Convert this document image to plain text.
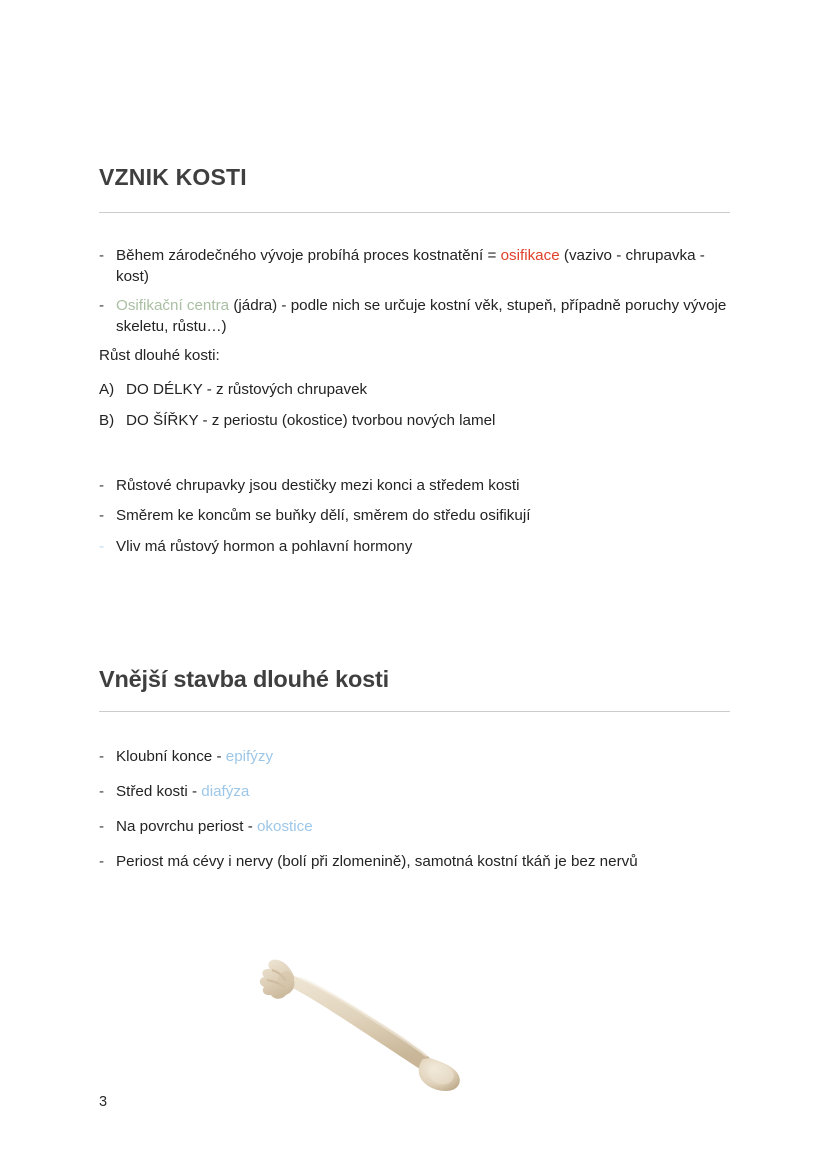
VZNIK KOSTI
- Během zárodečného vývoje probíhá proces kostnatění = osifikace (vazivo - chrupavka - kost)
- Osifikační centra (jádra) - podle nich se určuje kostní věk, stupeň, případně poruchy vývoje skeletu, růstu…)
Růst dlouhé kosti:
A) DO DÉLKY - z růstových chrupavek
B) DO ŠÍŘKY - z periostu (okostice) tvorbou nových lamel
- Růstové chrupavky jsou destičky mezi konci a středem kosti
- Směrem ke koncům se buňky dělí, směrem do středu osifikují
- Vliv má růstový hormon a pohlavní hormony
Vnější stavba dlouhé kosti
- Kloubní konce - epifýzy
- Střed kosti - diafýza
- Na povrchu periost - okostice
- Periost má cévy i nervy (bolí při zlomenině), samotná kostní tkáň je bez nervů
3
